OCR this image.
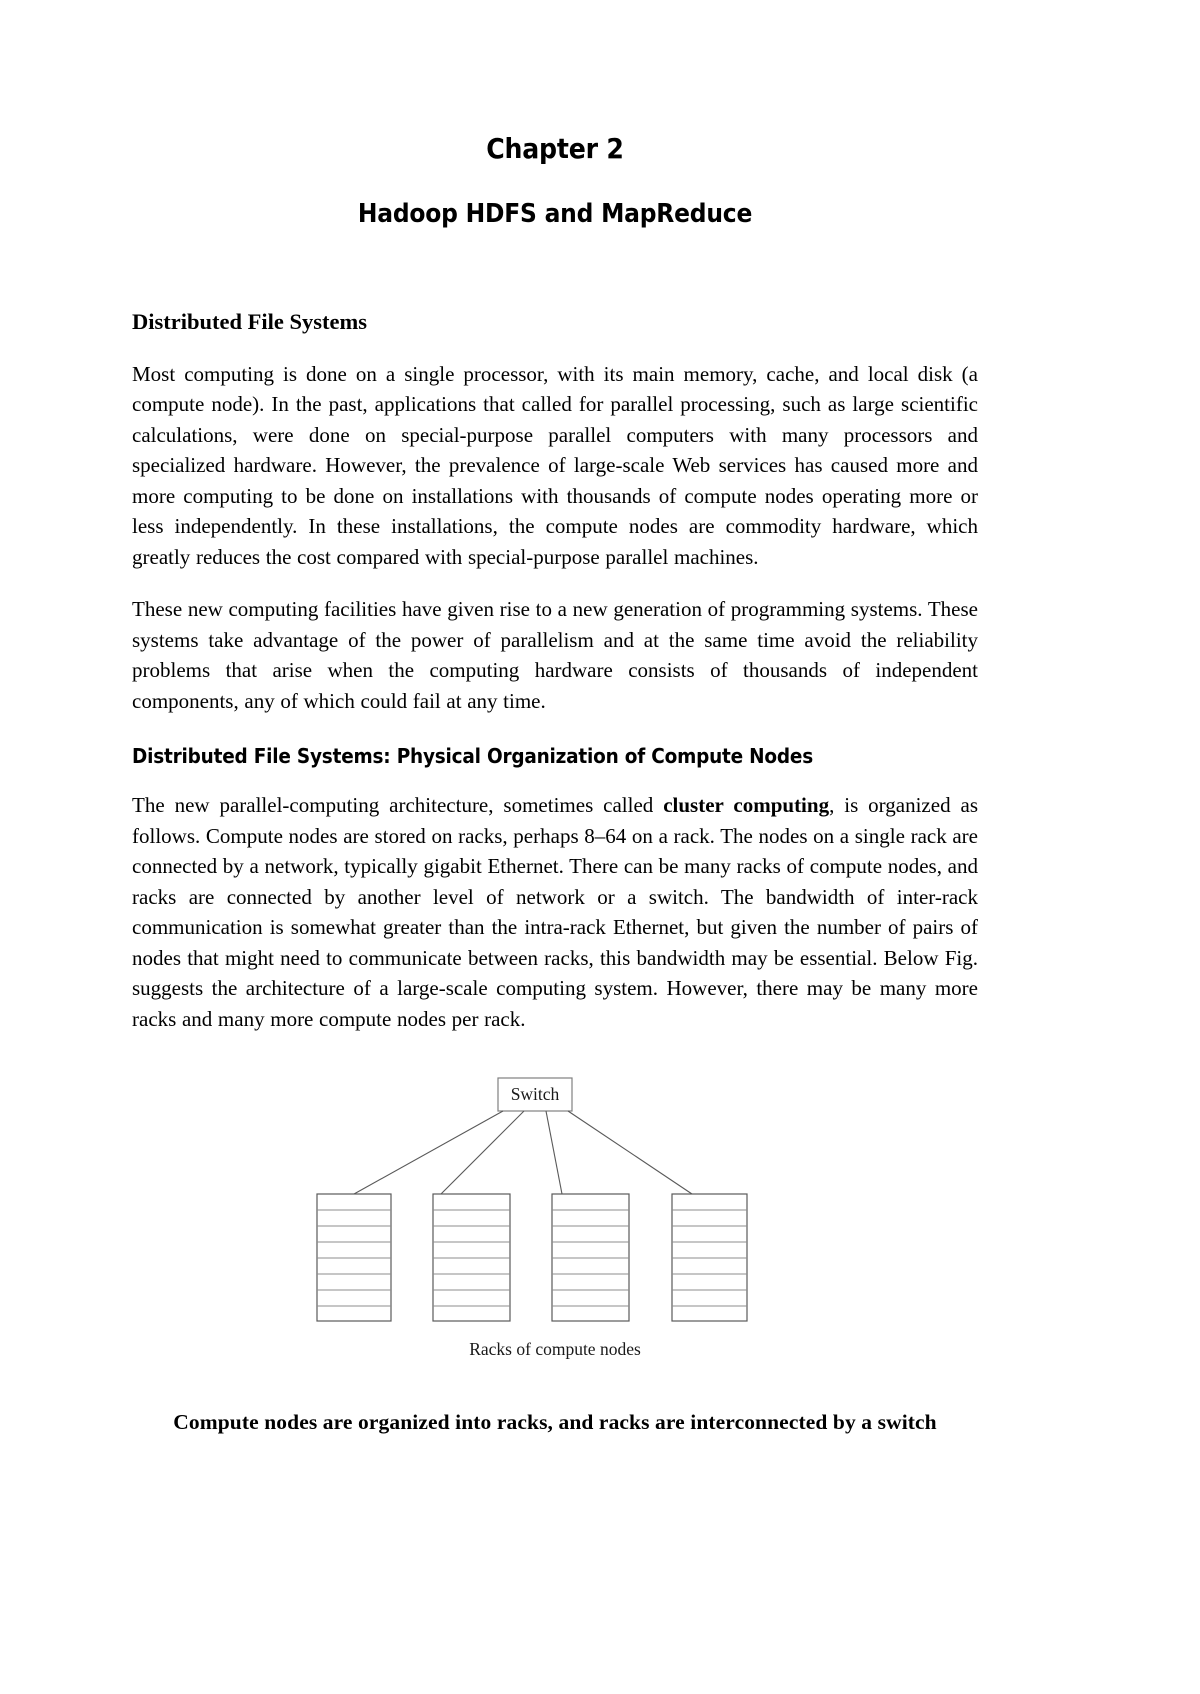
Chapter 2
Hadoop HDFS and MapReduce
Distributed File Systems

Most computing is done on a single processor, with its main memory, cache, and local disk (a compute node). In the past, applications that called for parallel processing, such as large scientific calculations, were done on special-purpose parallel computers with many processors and specialized hardware. However, the prevalence of large-scale Web services has caused more and more computing to be done on installations with thousands of compute nodes operating more or less independently. In these installations, the compute nodes are commodity hardware, which greatly reduces the cost compared with special-purpose parallel machines.

These new computing facilities have given rise to a new generation of programming systems. These systems take advantage of the power of parallelism and at the same time avoid the reliability problems that arise when the computing hardware consists of thousands of independent components, any of which could fail at any time.

Distributed File Systems: Physical Organization of Compute Nodes

The new parallel-computing architecture, sometimes called cluster computing, is organized as follows. Compute nodes are stored on racks, perhaps 8–64 on a rack. The nodes on a single rack are connected by a network, typically gigabit Ethernet. There can be many racks of compute nodes, and racks are connected by another level of network or a switch. The bandwidth of inter-rack communication is somewhat greater than the intra-rack Ethernet, but given the number of pairs of nodes that might need to communicate between racks, this bandwidth may be essential. Below Fig. suggests the architecture of a large-scale computing system. However, there may be many more racks and many more compute nodes per rack.

Switch
Racks of compute nodes
Compute nodes are organized into racks, and racks are interconnected by a switch
